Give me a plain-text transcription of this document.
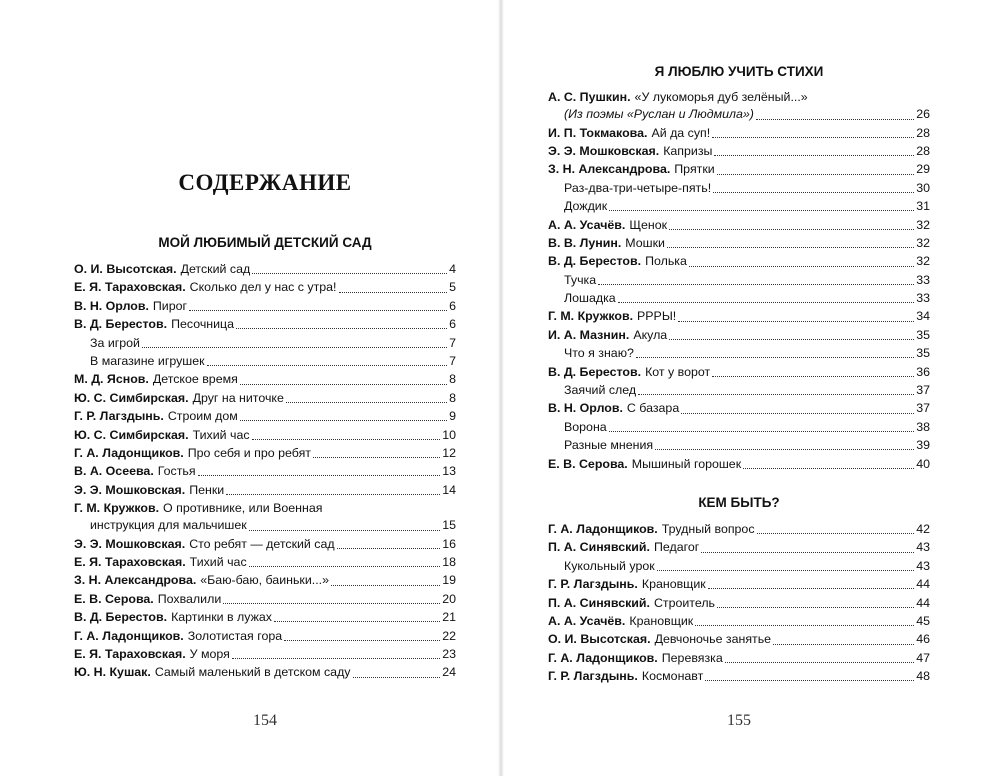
СОДЕРЖАНИЕ
МОЙ ЛЮБИМЫЙ ДЕТСКИЙ САД
О. И. Высотская. Детский сад	4
Е. Я. Тараховская. Сколько дел у нас с утра!	5
В. Н. Орлов. Пирог	6
В. Д. Берестов. Песочница	6
За игрой	7
В магазине игрушек	7
М. Д. Яснов. Детское время	8
Ю. С. Симбирская. Друг на ниточке	8
Г. Р. Лагздынь. Строим дом	9
Ю. С. Симбирская. Тихий час	10
Г. А. Ладонщиков. Про себя и про ребят	12
В. А. Осеева. Гостья	13
Э. Э. Мошковская. Пенки	14
Г. М. Кружков. О противнике, или Военная
инструкция для мальчишек	15
Э. Э. Мошковская. Сто ребят — детский сад	16
Е. Я. Тараховская. Тихий час	18
З. Н. Александрова. «Баю-баю, баиньки...»	19
Е. В. Серова. Похвалили	20
В. Д. Берестов. Картинки в лужах	21
Г. А. Ладонщиков. Золотистая гора	22
Е. Я. Тараховская. У моря	23
Ю. Н. Кушак. Самый маленький в детском саду	24
154
Я ЛЮБЛЮ УЧИТЬ СТИХИ
А. С. Пушкин. «У лукоморья дуб зелёный...»
(Из поэмы «Руслан и Людмила»)	26
И. П. Токмакова. Ай да суп!	28
Э. Э. Мошковская. Капризы	28
З. Н. Александрова. Прятки	29
Раз-два-три-четыре-пять!	30
Дождик	31
А. А. Усачёв. Щенок	32
В. В. Лунин. Мошки	32
В. Д. Берестов. Полька	32
Тучка	33
Лошадка	33
Г. М. Кружков. РРРЫ!	34
И. А. Мазнин. Акула	35
Что я знаю?	35
В. Д. Берестов. Кот у ворот	36
Заячий след	37
В. Н. Орлов. С базара	37
Ворона	38
Разные мнения	39
Е. В. Серова. Мышиный горошек	40
КЕМ БЫТЬ?
Г. А. Ладонщиков. Трудный вопрос	42
П. А. Синявский. Педагог	43
Кукольный урок	43
Г. Р. Лагздынь. Крановщик	44
П. А. Синявский. Строитель	44
А. А. Усачёв. Крановщик	45
О. И. Высотская. Девчоночье занятье	46
Г. А. Ладонщиков. Перевязка	47
Г. Р. Лагздынь. Космонавт	48
155
